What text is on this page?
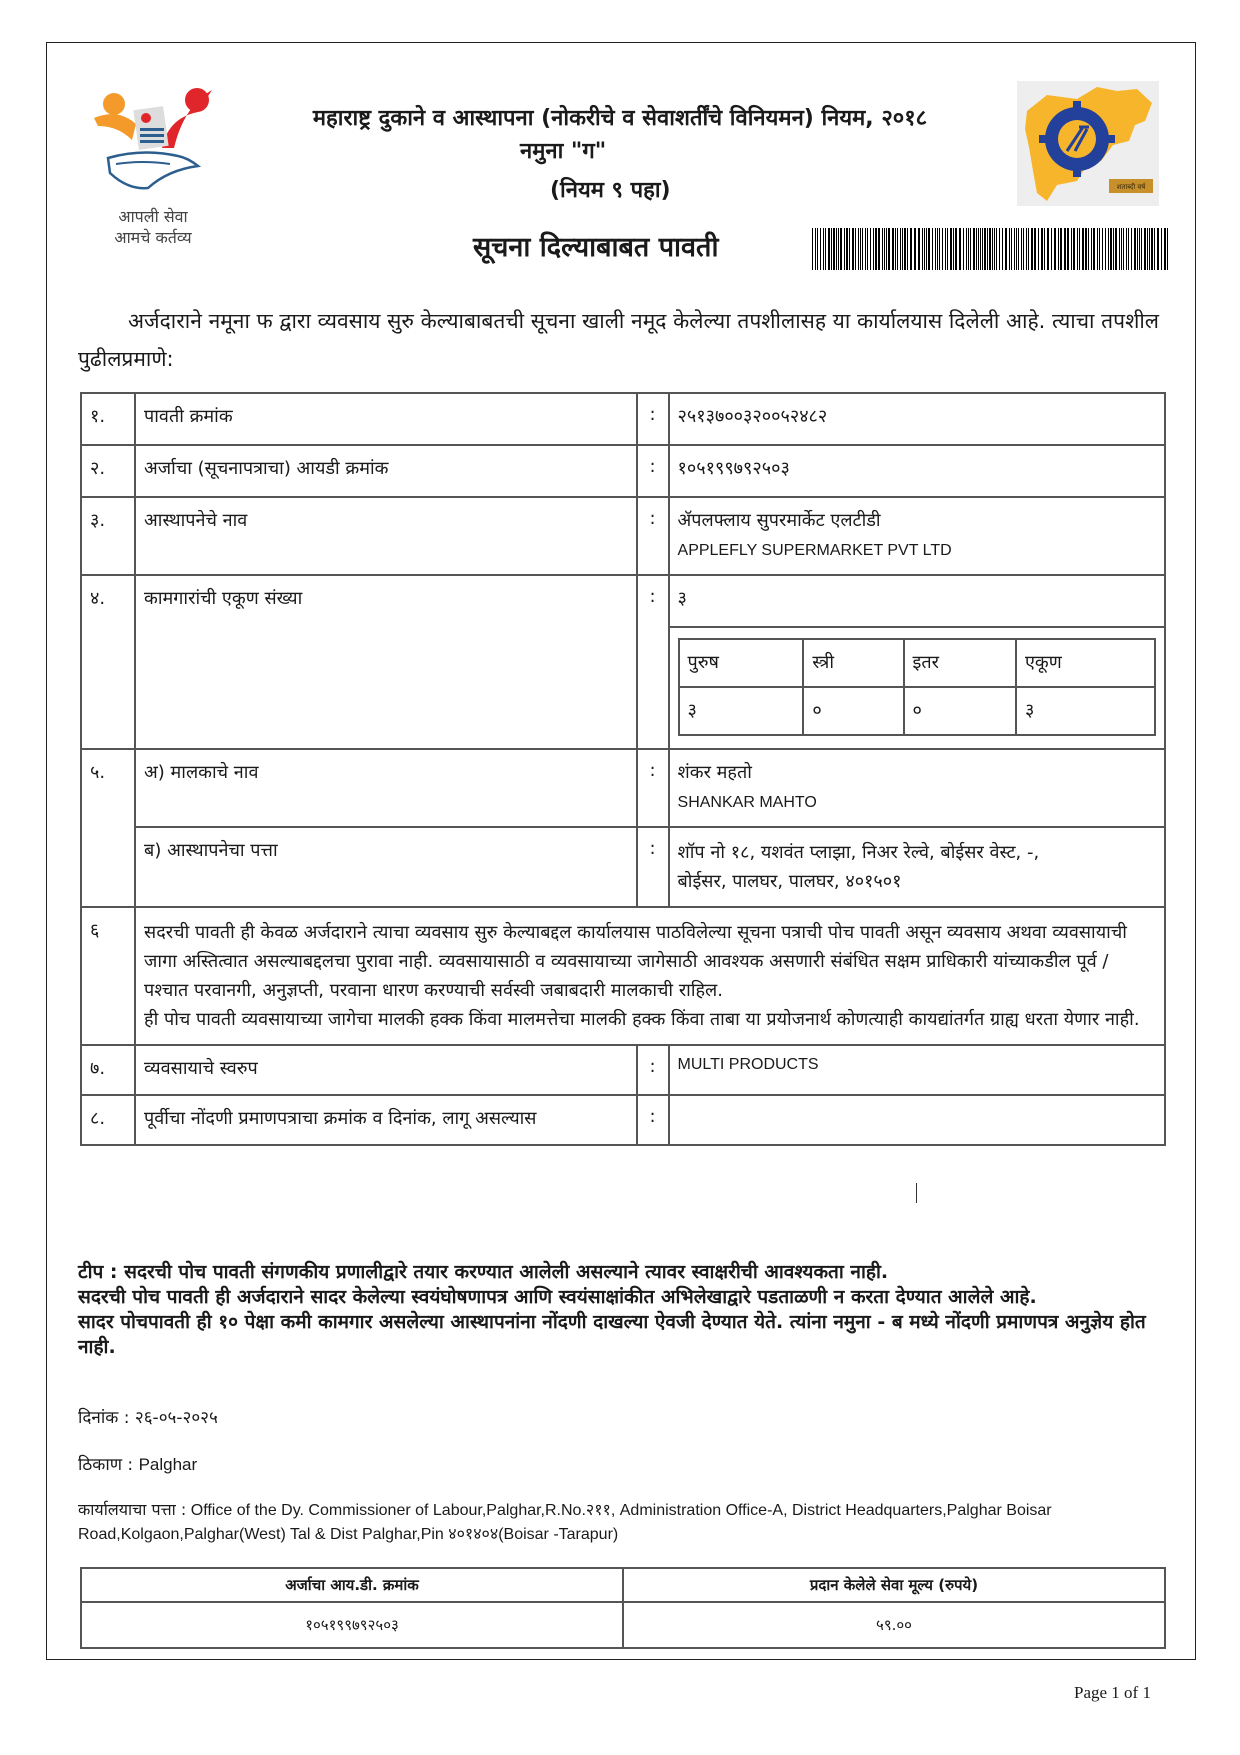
आपली सेवा
आमचे कर्तव्य
महाराष्ट्र दुकाने व आस्थापना (नोकरीचे व सेवाशर्तींचे विनियमन) नियम, २०१८
नमुना "ग"
(नियम ९ पहा)	शताब्दी वर्ष
सूचना दिल्याबाबत पावती
अर्जदाराने नमूना फ द्वारा व्यवसाय सुरु केल्याबाबतची सूचना खाली नमूद केलेल्या तपशीलासह या कार्यालयास दिलेली आहे. त्याचा तपशील पुढीलप्रमाणे:
१.	पावती क्रमांक	:	२५१३७००३२००५२४८२
२.	अर्जाचा (सूचनापत्राचा) आयडी क्रमांक	:	१०५१९९७९२५०३
३.	आस्थापनेचे नाव	:	ॲपलफ्लाय सुपरमार्केट एलटीडी
APPLEFLY SUPERMARKET PVT LTD

४.	कामगारांची एकूण संख्या	:	३

पुरुष	स्त्री	इतर	एकूण
३	०	०	३

५.	अ) मालकाचे नाव	:	शंकर महतो
SHANKAR MAHTO

ब) आस्थापनेचा पत्ता	:	शॉप नो १८, यशवंत प्लाझा, निअर रेल्वे, बोईसर वेस्ट, -,
बोईसर, पालघर, पालघर, ४०१५०१

६	सदरची पावती ही केवळ अर्जदाराने त्याचा व्यवसाय सुरु केल्याबद्दल कार्यालयास पाठविलेल्या सूचना पत्राची पोच पावती असून व्यवसाय अथवा व्यवसायाची जागा अस्तित्वात असल्याबद्दलचा पुरावा नाही. व्यवसायासाठी व व्यवसायाच्या जागेसाठी आवश्यक असणारी संबंधित सक्षम प्राधिकारी यांच्याकडील पूर्व / पश्चात परवानगी, अनुज्ञप्ती, परवाना धारण करण्याची सर्वस्वी जबाबदारी मालकाची राहिल.
ही पोच पावती व्यवसायाच्या जागेचा मालकी हक्क किंवा मालमत्तेचा मालकी हक्क किंवा ताबा या प्रयोजनार्थ कोणत्याही कायद्यांतर्गत ग्राह्य धरता येणार नाही.

७.	व्यवसायाचे स्वरुप	:	MULTI PRODUCTS
८.	पूर्वीचा नोंदणी प्रमाणपत्राचा क्रमांक व दिनांक, लागू असल्यास	:	
टीप : सदरची पोच पावती संगणकीय प्रणालीद्वारे तयार करण्यात आलेली असल्याने त्यावर स्वाक्षरीची आवश्यकता नाही.
सदरची पोच पावती ही अर्जदाराने सादर केलेल्या स्वयंघोषणापत्र आणि स्वयंसाक्षांकीत अभिलेखाद्वारे पडताळणी न करता देण्यात आलेले आहे.
सादर पोचपावती ही १० पेक्षा कमी कामगार असलेल्या आस्थापनांना नोंदणी दाखल्या ऐवजी देण्यात येते. त्यांना नमुना - ब मध्ये नोंदणी प्रमाणपत्र अनुज्ञेय होत नाही.
दिनांक : २६-०५-२०२५
ठिकाण : Palghar
कार्यालयाचा पत्ता : Office of the Dy. Commissioner of Labour,Palghar,R.No.२११, Administration Office-A, District Headquarters,Palghar Boisar Road,Kolgaon,Palghar(West) Tal & Dist Palghar,Pin ४०१४०४(Boisar -Tarapur)
अर्जाचा आय.डी. क्रमांक	प्रदान केलेले सेवा मूल्य (रुपये)
१०५१९९७९२५०३	५९.००
Page 1 of 1
